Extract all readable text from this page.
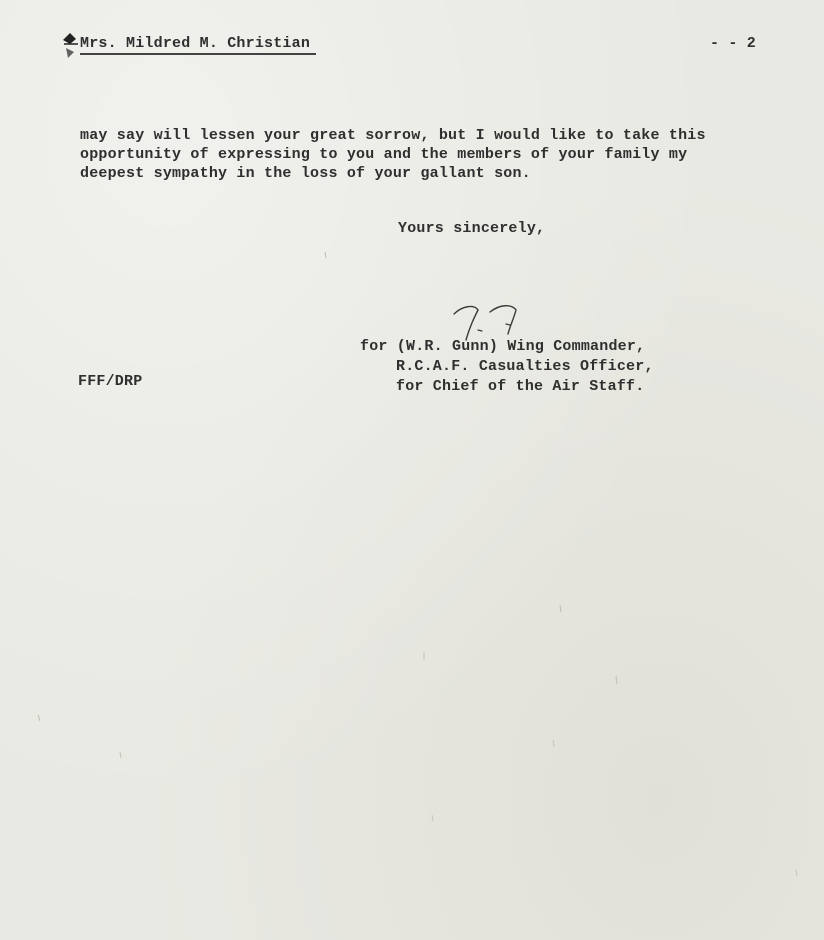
Mrs. Mildred M. Christian	- - 2
may say will lessen your great sorrow, but I would like to take this
opportunity of expressing to you and the members of your family my
deepest sympathy in the loss of your gallant son.
Yours sincerely,
for (W.R. Gunn) Wing Commander,
R.C.A.F. Casualties Officer,
for Chief of the Air Staff.
FFF/DRP
